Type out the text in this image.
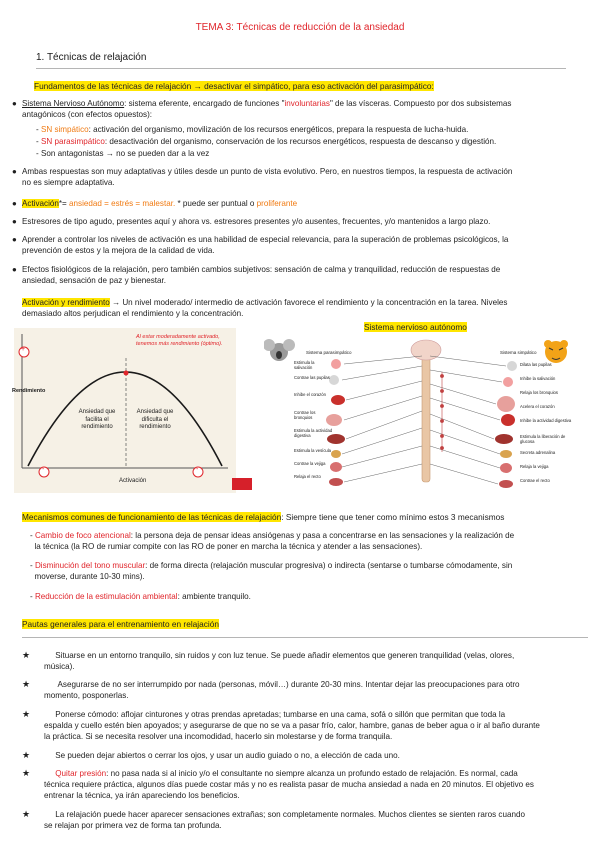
TEMA 3: Técnicas de reducción de la ansiedad
1. Técnicas de relajación
Fundamentos de las técnicas de relajación → desactivar el simpático, para eso activación del parasimpático:
● Sistema Nervioso Autónomo: sistema eferente, encargado de funciones "involuntarias" de las vísceras. Compuesto por dos subsistemas
antagónicos (con efectos opuestos):
- SN simpático: activación del organismo, movilización de los recursos energéticos, prepara la respuesta de lucha-huida.
- SN parasimpático: desactivación del organismo, conservación de los recursos energéticos, respuesta de descanso y digestión.
- Son antagonistas → no se pueden dar a la vez
● Ambas respuestas son muy adaptativas y útiles desde un punto de vista evolutivo. Pero, en nuestros tiempos, la respuesta de activación
no es siempre adaptativa.
● Activación*= ansiedad = estrés = malestar. * puede ser puntual o proliferante
● Estresores de tipo agudo, presentes aquí y ahora vs. estresores presentes y/o ausentes, frecuentes, y/o mantenidos a largo plazo.
● Aprender a controlar los niveles de activación es una habilidad de especial relevancia, para la superación de problemas psicológicos, la
prevención de estos y la mejora de la calidad de vida.
● Efectos fisiológicos de la relajación, pero también cambios subjetivos: sensación de calma y tranquilidad, reducción de respuestas de
ansiedad, sensación de paz y bienestar.
Activación y rendimiento → Un nivel moderado/ intermedio de activación favorece el rendimiento y la concentración en la tarea. Niveles
demasiado altos perjudican el rendimiento y la concentración.
Rendimiento
Activación
Ansiedad que facilita el rendimiento
Ansiedad que dificulta el rendimiento
Al estar moderadamente activado, tenemos más rendimiento (óptimo).
+
-	-
Sistema nervioso autónomo
Sistema parasimpático	Sistema simpático
Estimula la salivación
Contrae las pupilas
Inhibe el corazón
Contrae los bronquios
Estimula la actividad digestiva
Estimula la vesícula
Contrae la vejiga
Relaja el recto
Dilata las pupilas
Inhibe la salivación
Relaja los bronquios
Acelera el corazón
Inhibe la actividad digestiva
Estimula la liberación de glucosa
Secreta adrenalina
Relaja la vejiga
Contrae el recto
Mecanismos comunes de funcionamiento de las técnicas de relajación: Siempre tiene que tener como mínimo estos 3 mecanismos
- Cambio de foco atencional: la persona deja de pensar ideas ansiógenas y pasa a concentrarse en las sensaciones y la realización de
la técnica (la RO de rumiar compite con las RO de poner en marcha la técnica y atender a las sensaciones).
- Disminución del tono muscular: de forma directa (relajación muscular progresiva) o indirecta (sentarse o tumbarse cómodamente, sin
moverse, durante 10-30 mins).
- Reducción de la estimulación ambiental: ambiente tranquilo.
Pautas generales para el entrenamiento en relajación
★	Situarse en un entorno tranquilo, sin ruidos y con luz tenue. Se puede añadir elementos que generen tranquilidad (velas, olores,
música).
★	Asegurarse de no ser interrumpido por nada (personas, móvil…) durante 20-30 mins. Intentar dejar las preocupaciones para otro
momento, posponerlas.
★	Ponerse cómodo: aflojar cinturones y otras prendas apretadas; tumbarse en una cama, sofá o sillón que permitan que toda la
espalda y cuello estén bien apoyados; y asegurarse de que no se va a pasar frío, calor, hambre, ganas de beber agua o ir al baño durante
la práctica. Si se necesita resolver una incomodidad, hacerlo sin molestarse y de forma tranquila.
★	Se pueden dejar abiertos o cerrar los ojos, y usar un audio guiado o no, a elección de cada uno.
★	Quitar presión: no pasa nada si al inicio y/o el consultante no siempre alcanza un profundo estado de relajación. Es normal, cada
técnica requiere práctica, algunos días puede costar más y no es realista pasar de mucha ansiedad a nada en 20 minutos. El objetivo es
entrenar la técnica, ya irán apareciendo los beneficios.
★	La relajación puede hacer aparecer sensaciones extrañas; son completamente normales. Muchos clientes se sienten raros cuando
se relajan por primera vez de forma tan profunda.
